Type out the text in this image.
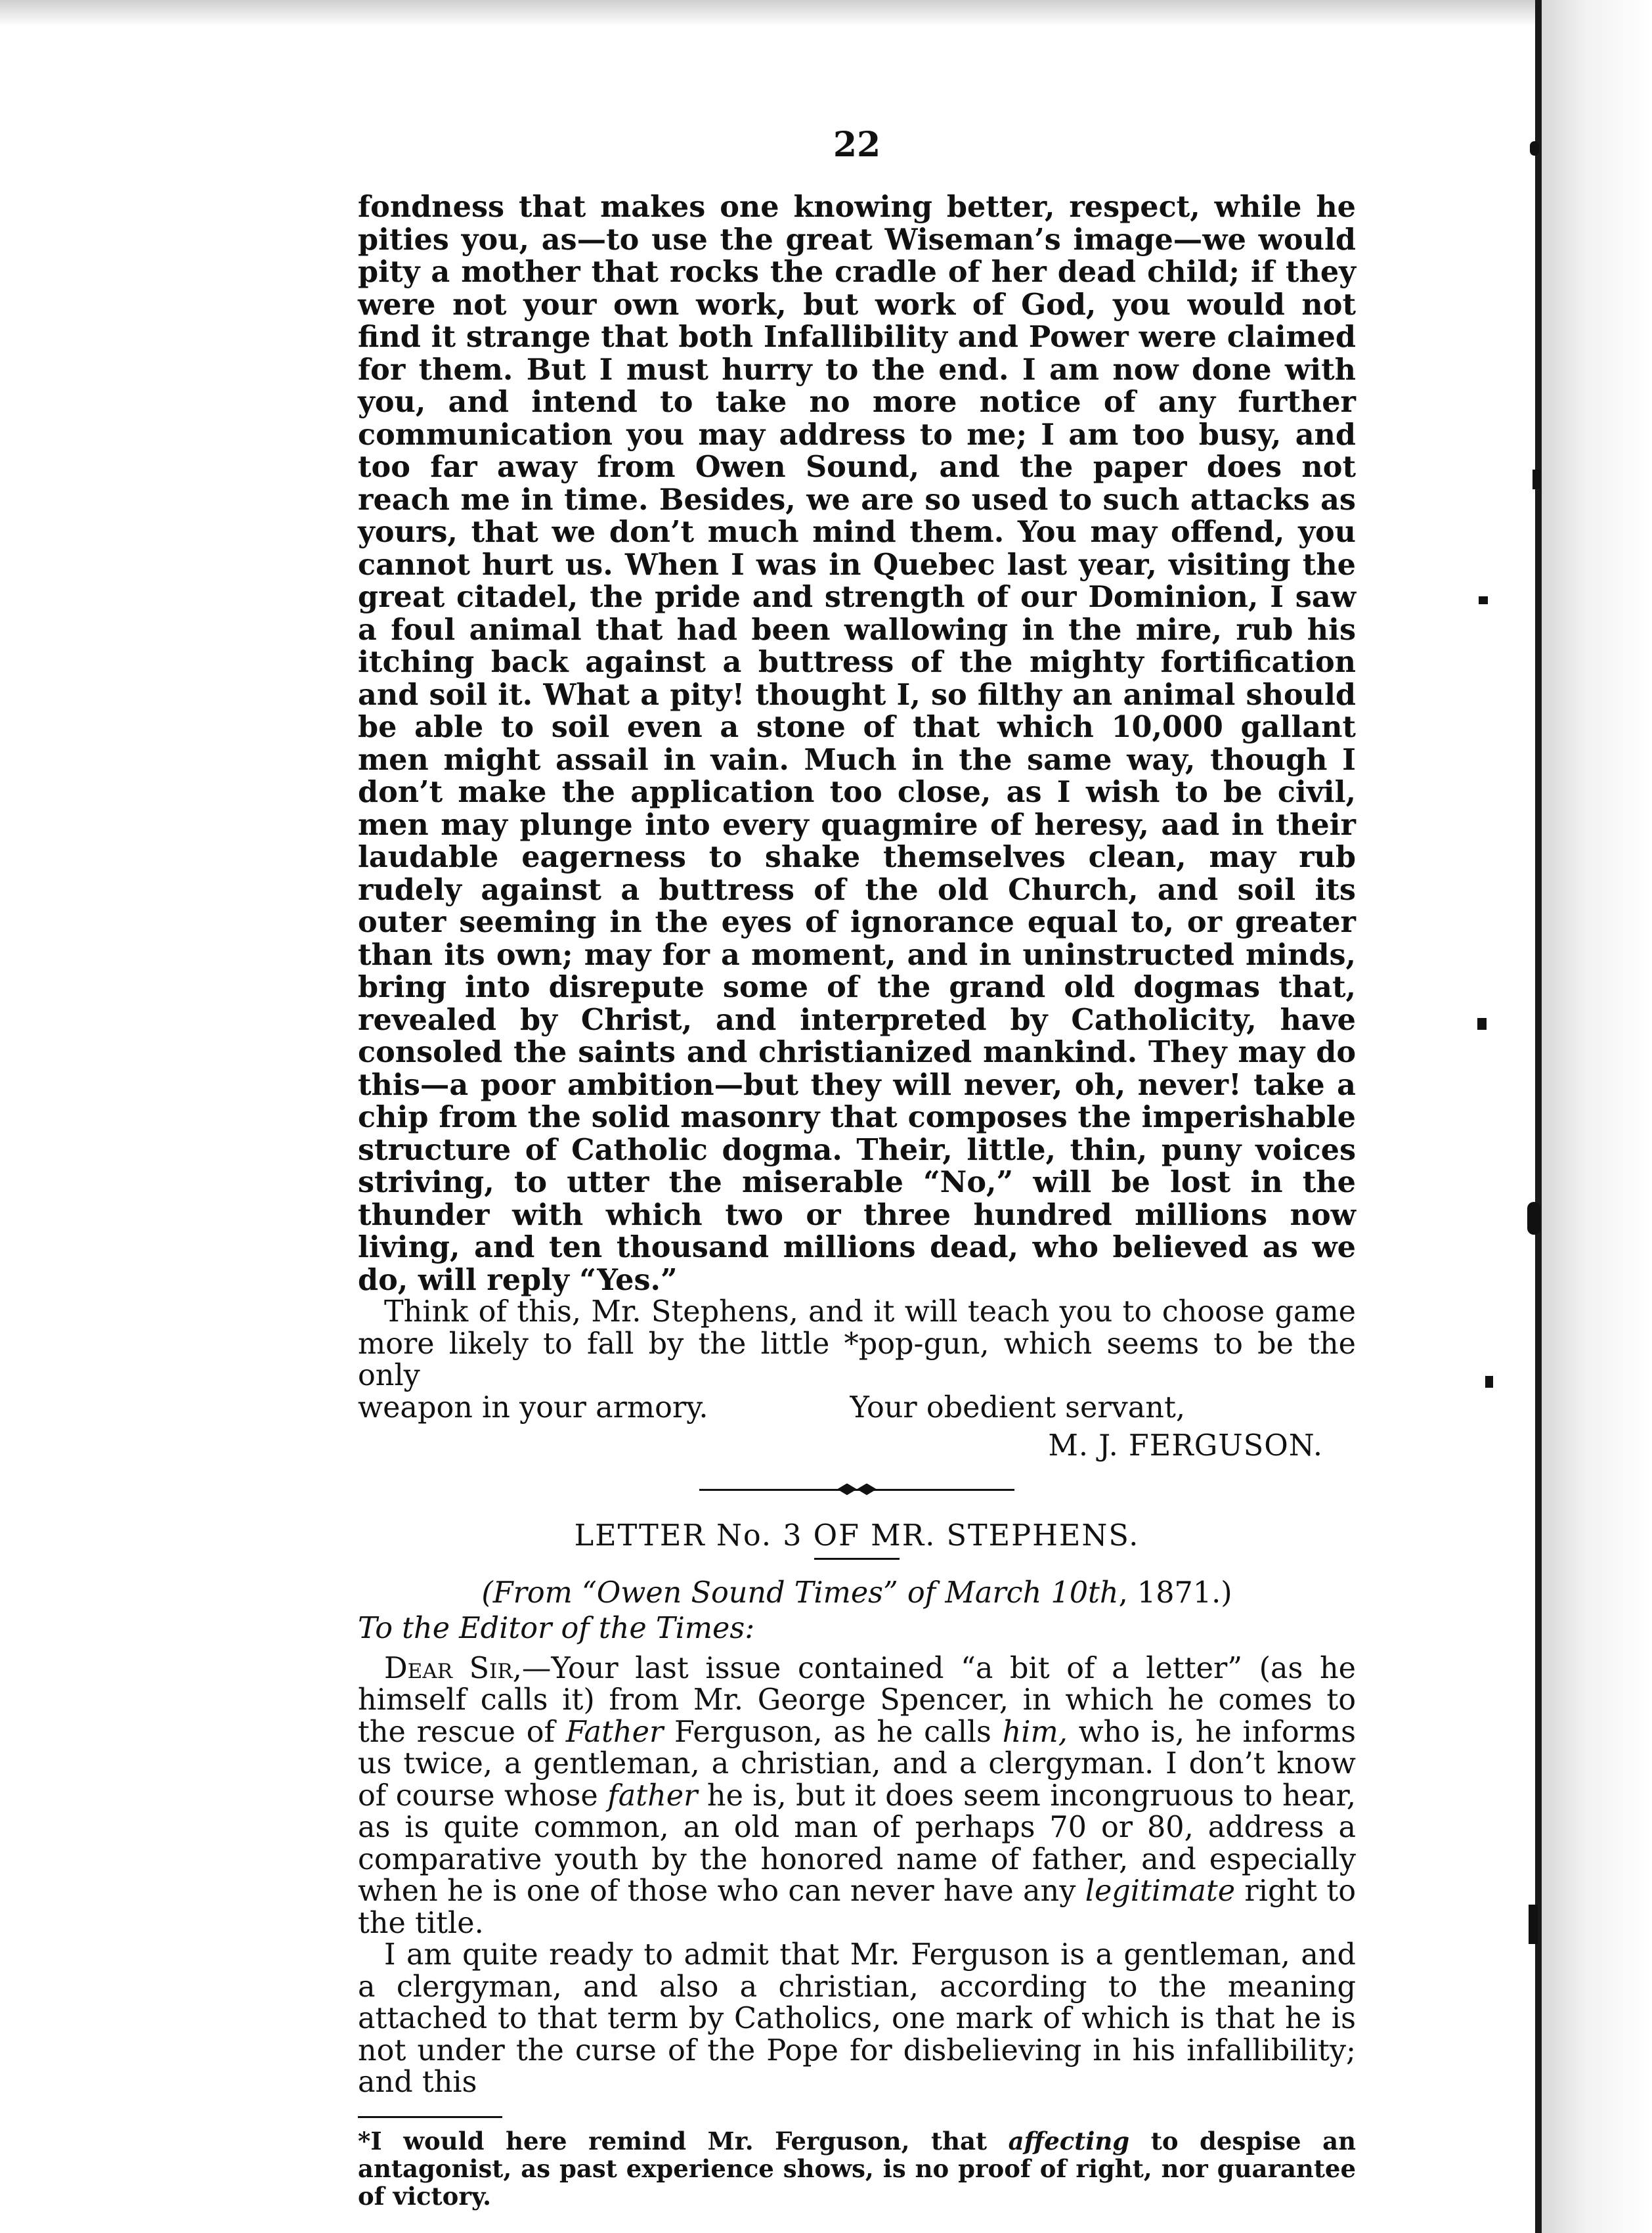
22

fondness that makes one knowing better, respect, while he pities you, as—to use the great Wiseman’s image—we would pity a mother that rocks the cradle of her dead child; if they were not your own work, but work of God, you would not find it strange that both Infallibility and Power were claimed for them. But I must hurry to the end. I am now done with you, and intend to take no more notice of any further communication you may address to me; I am too busy, and too far away from Owen Sound, and the paper does not reach me in time. Besides, we are so used to such attacks as yours, that we don’t much mind them. You may offend, you cannot hurt us. When I was in Quebec last year, visiting the great citadel, the pride and strength of our Dominion, I saw a foul animal that had been wallowing in the mire, rub his itching back against a buttress of the mighty fortification and soil it. What a pity! thought I, so filthy an animal should be able to soil even a stone of that which 10,000 gallant men might assail in vain. Much in the same way, though I don’t make the application too close, as I wish to be civil, men may plunge into every quagmire of heresy, aad in their laudable eagerness to shake themselves clean, may rub rudely against a buttress of the old Church, and soil its outer seeming in the eyes of ignorance equal to, or greater than its own; may for a moment, and in uninstructed minds, bring into disrepute some of the grand old dogmas that, revealed by Christ, and interpreted by Catholicity, have consoled the saints and christianized mankind. They may do this—a poor ambition—but they will never, oh, never! take a chip from the solid masonry that composes the imperishable structure of Catholic dogma. Their, little, thin, puny voices striving, to utter the miserable “No,” will be lost in the thunder with which two or three hundred millions now living, and ten thousand millions dead, who believed as we do, will reply “Yes.”

Think of this, Mr. Stephens, and it will teach you to choose game more likely to fall by the little *pop-gun, which seems to be the only

weapon in your armory.	Your obedient servant,
M. J. FERGUSON.
LETTER No. 3 OF MR. STEPHENS.

(From “Owen Sound Times” of March 10th, 1871.)

To the Editor of the Times:

Dear Sir,—Your last issue contained “a bit of a letter” (as he himself calls it) from Mr. George Spencer, in which he comes to the rescue of Father Ferguson, as he calls him, who is, he informs us twice, a gentleman, a christian, and a clergyman. I don’t know of course whose father he is, but it does seem incongruous to hear, as is quite common, an old man of perhaps 70 or 80, address a comparative youth by the honored name of father, and especially when he is one of those who can never have any legitimate right to the title.

I am quite ready to admit that Mr. Ferguson is a gentleman, and a clergyman, and also a christian, according to the meaning attached to that term by Catholics, one mark of which is that he is not under the curse of the Pope for disbelieving in his infallibility; and this

*I would here remind Mr. Ferguson, that affecting to despise an antagonist, as past experience shows, is no proof of right, nor guarantee of victory.
